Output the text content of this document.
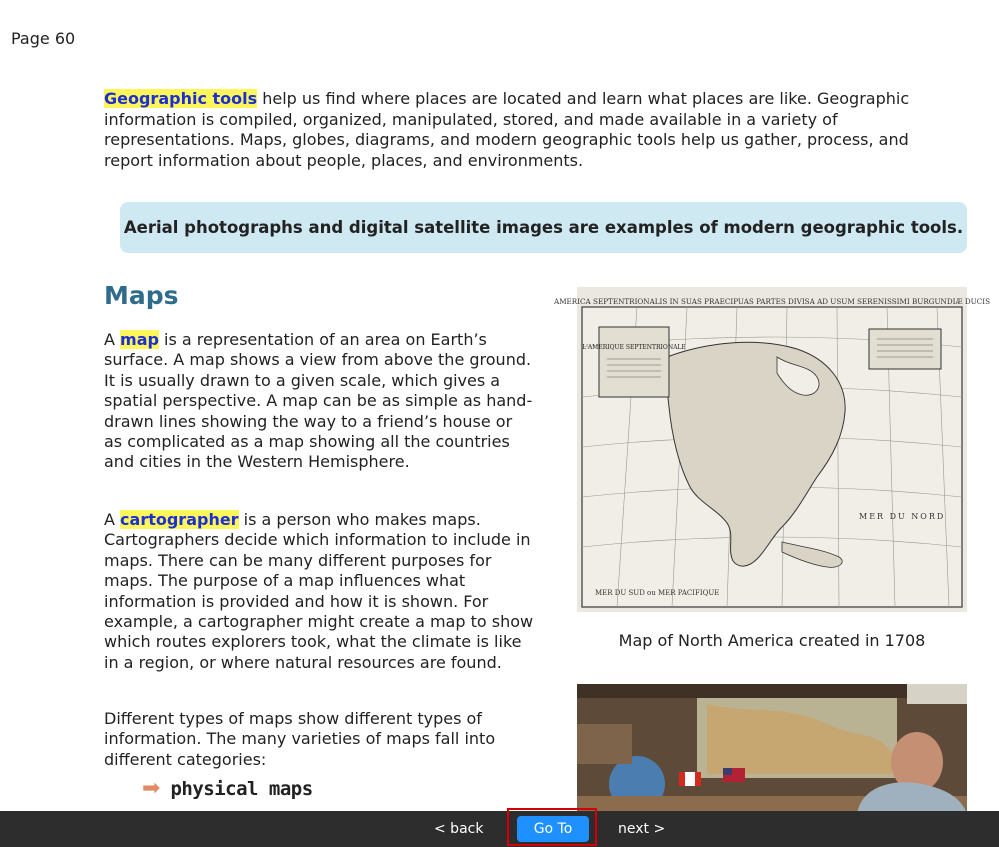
Page 60

Geographic tools help us find where places are located and learn what places are like. Geographic information is compiled, organized, manipulated, stored, and made available in a variety of representations. Maps, globes, diagrams, and modern geographic tools help us gather, process, and report information about people, places, and environments.

Aerial photographs and digital satellite images are examples of modern geographic tools.
Maps

A map is a representation of an area on Earth’s surface. A map shows a view from above the ground. It is usually drawn to a given scale, which gives a spatial perspective. A map can be as simple as hand-drawn lines showing the way to a friend’s house or as complicated as a map showing all the countries and cities in the Western Hemisphere.

A cartographer is a person who makes maps. Cartographers decide which information to include in maps. There can be many different purposes for maps. The purpose of a map influences what information is provided and how it is shown. For example, a cartographer might create a map to show which routes explorers took, what the climate is like in a region, or where natural resources are found.

Different types of maps show different types of information. The many varieties of maps fall into different categories:

➡ physical maps
AMERICA SEPTENTRIONALIS IN SUAS PRAECIPUAS PARTES DIVISA AD USUM SERENISSIMI BURGUNDIÆ DUCIS
L'AMERIQUE SEPTENTRIONALE
MER DU NORD
MER DU SUD ou MER PACIFIQUE
Map of North America created in 1708
< back	Go To	next >
